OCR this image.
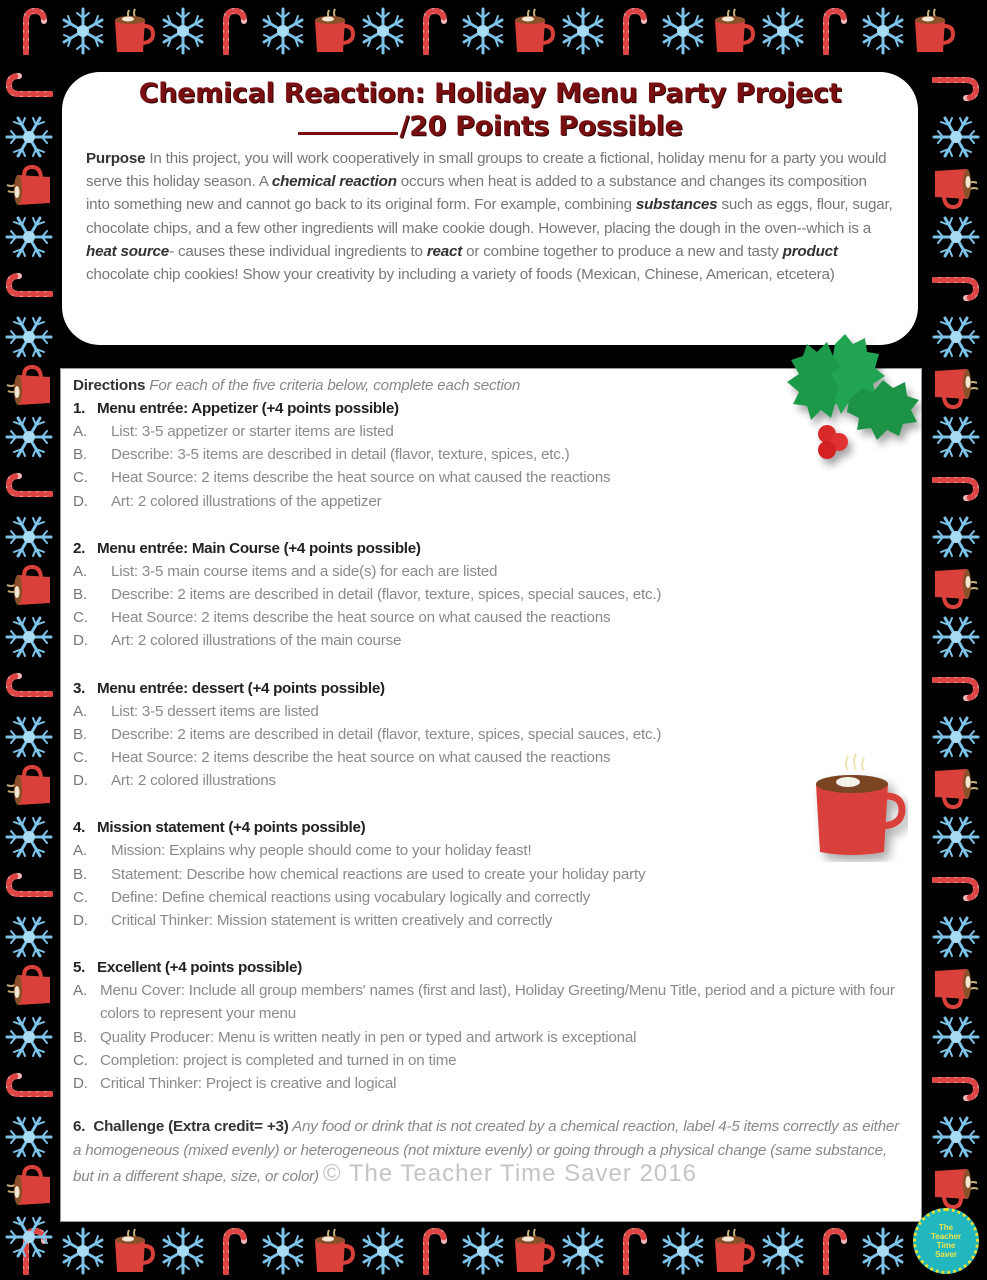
Chemical Reaction: Holiday Menu Party Project
/20 Points Possible
Purpose In this project, you will work cooperatively in small groups to create a fictional, holiday menu for a party you would serve this holiday season. A chemical reaction occurs when heat is added to a substance and changes its composition into something new and cannot go back to its original form. For example, combining substances such as eggs, flour, sugar, chocolate chips, and a few other ingredients will make cookie dough. However, placing the dough in the oven--which is a heat source- causes these individual ingredients to react or combine together to produce a new and tasty product chocolate chip cookies! Show your creativity by including a variety of foods (Mexican, Chinese, American, etcetera)
Directions For each of the five criteria below, complete each section
1. Menu entrée: Appetizer (+4 points possible)
A.	List: 3-5 appetizer or starter items are listed
B.	Describe: 3-5 items are described in detail (flavor, texture, spices, etc.)
C.	Heat Source: 2 items describe the heat source on what caused the reactions
D.	Art: 2 colored illustrations of the appetizer
2. Menu entrée: Main Course (+4 points possible)
A.	List: 3-5 main course items and a side(s) for each are listed
B.	Describe: 2 items are described in detail (flavor, texture, spices, special sauces, etc.)
C.	Heat Source: 2 items describe the heat source on what caused the reactions
D.	Art: 2 colored illustrations of the main course
3. Menu entrée: dessert (+4 points possible)
A.	List: 3-5 dessert items are listed
B.	Describe: 2 items are described in detail (flavor, texture, spices, special sauces, etc.)
C.	Heat Source: 2 items describe the heat source on what caused the reactions
D.	Art: 2 colored illustrations
4. Mission statement (+4 points possible)
A.	Mission: Explains why people should come to your holiday feast!
B.	Statement: Describe how chemical reactions are used to create your holiday party
C.	Define: Define chemical reactions using vocabulary logically and correctly
D.	Critical Thinker: Mission statement is written creatively and correctly
5. Excellent (+4 points possible)
A. Menu Cover: Include all group members' names (first and last), Holiday Greeting/Menu Title, period and a picture with four colors to represent your menu
B. Quality Producer: Menu is written neatly in pen or typed and artwork is exceptional
C. Completion: project is completed and turned in on time
D. Critical Thinker: Project is creative and logical
6. Challenge (Extra credit= +3) Any food or drink that is not created by a chemical reaction, label 4-5 items correctly as either a homogeneous (mixed evenly) or heterogeneous (not mixture evenly) or going through a physical change (same substance, but in a different shape, size, or color) © The Teacher Time Saver 2016
The
Teacher
Time
Saver
